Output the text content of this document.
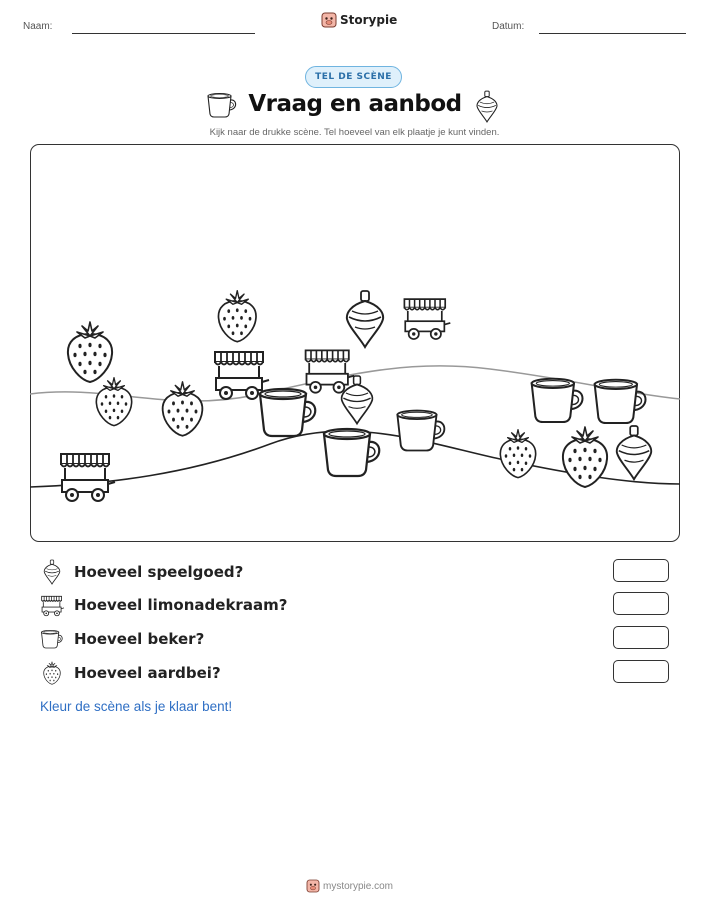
Naam:	Storypie	Datum:
TEL DE SCÈNE
Vraag en aanbod
Kijk naar de drukke scène. Tel hoeveel van elk plaatje je kunt vinden.
Hoeveel speelgoed?
Hoeveel limonadekraam?
Hoeveel beker?
Hoeveel aardbei?
Kleur de scène als je klaar bent!
mystorypie.com
